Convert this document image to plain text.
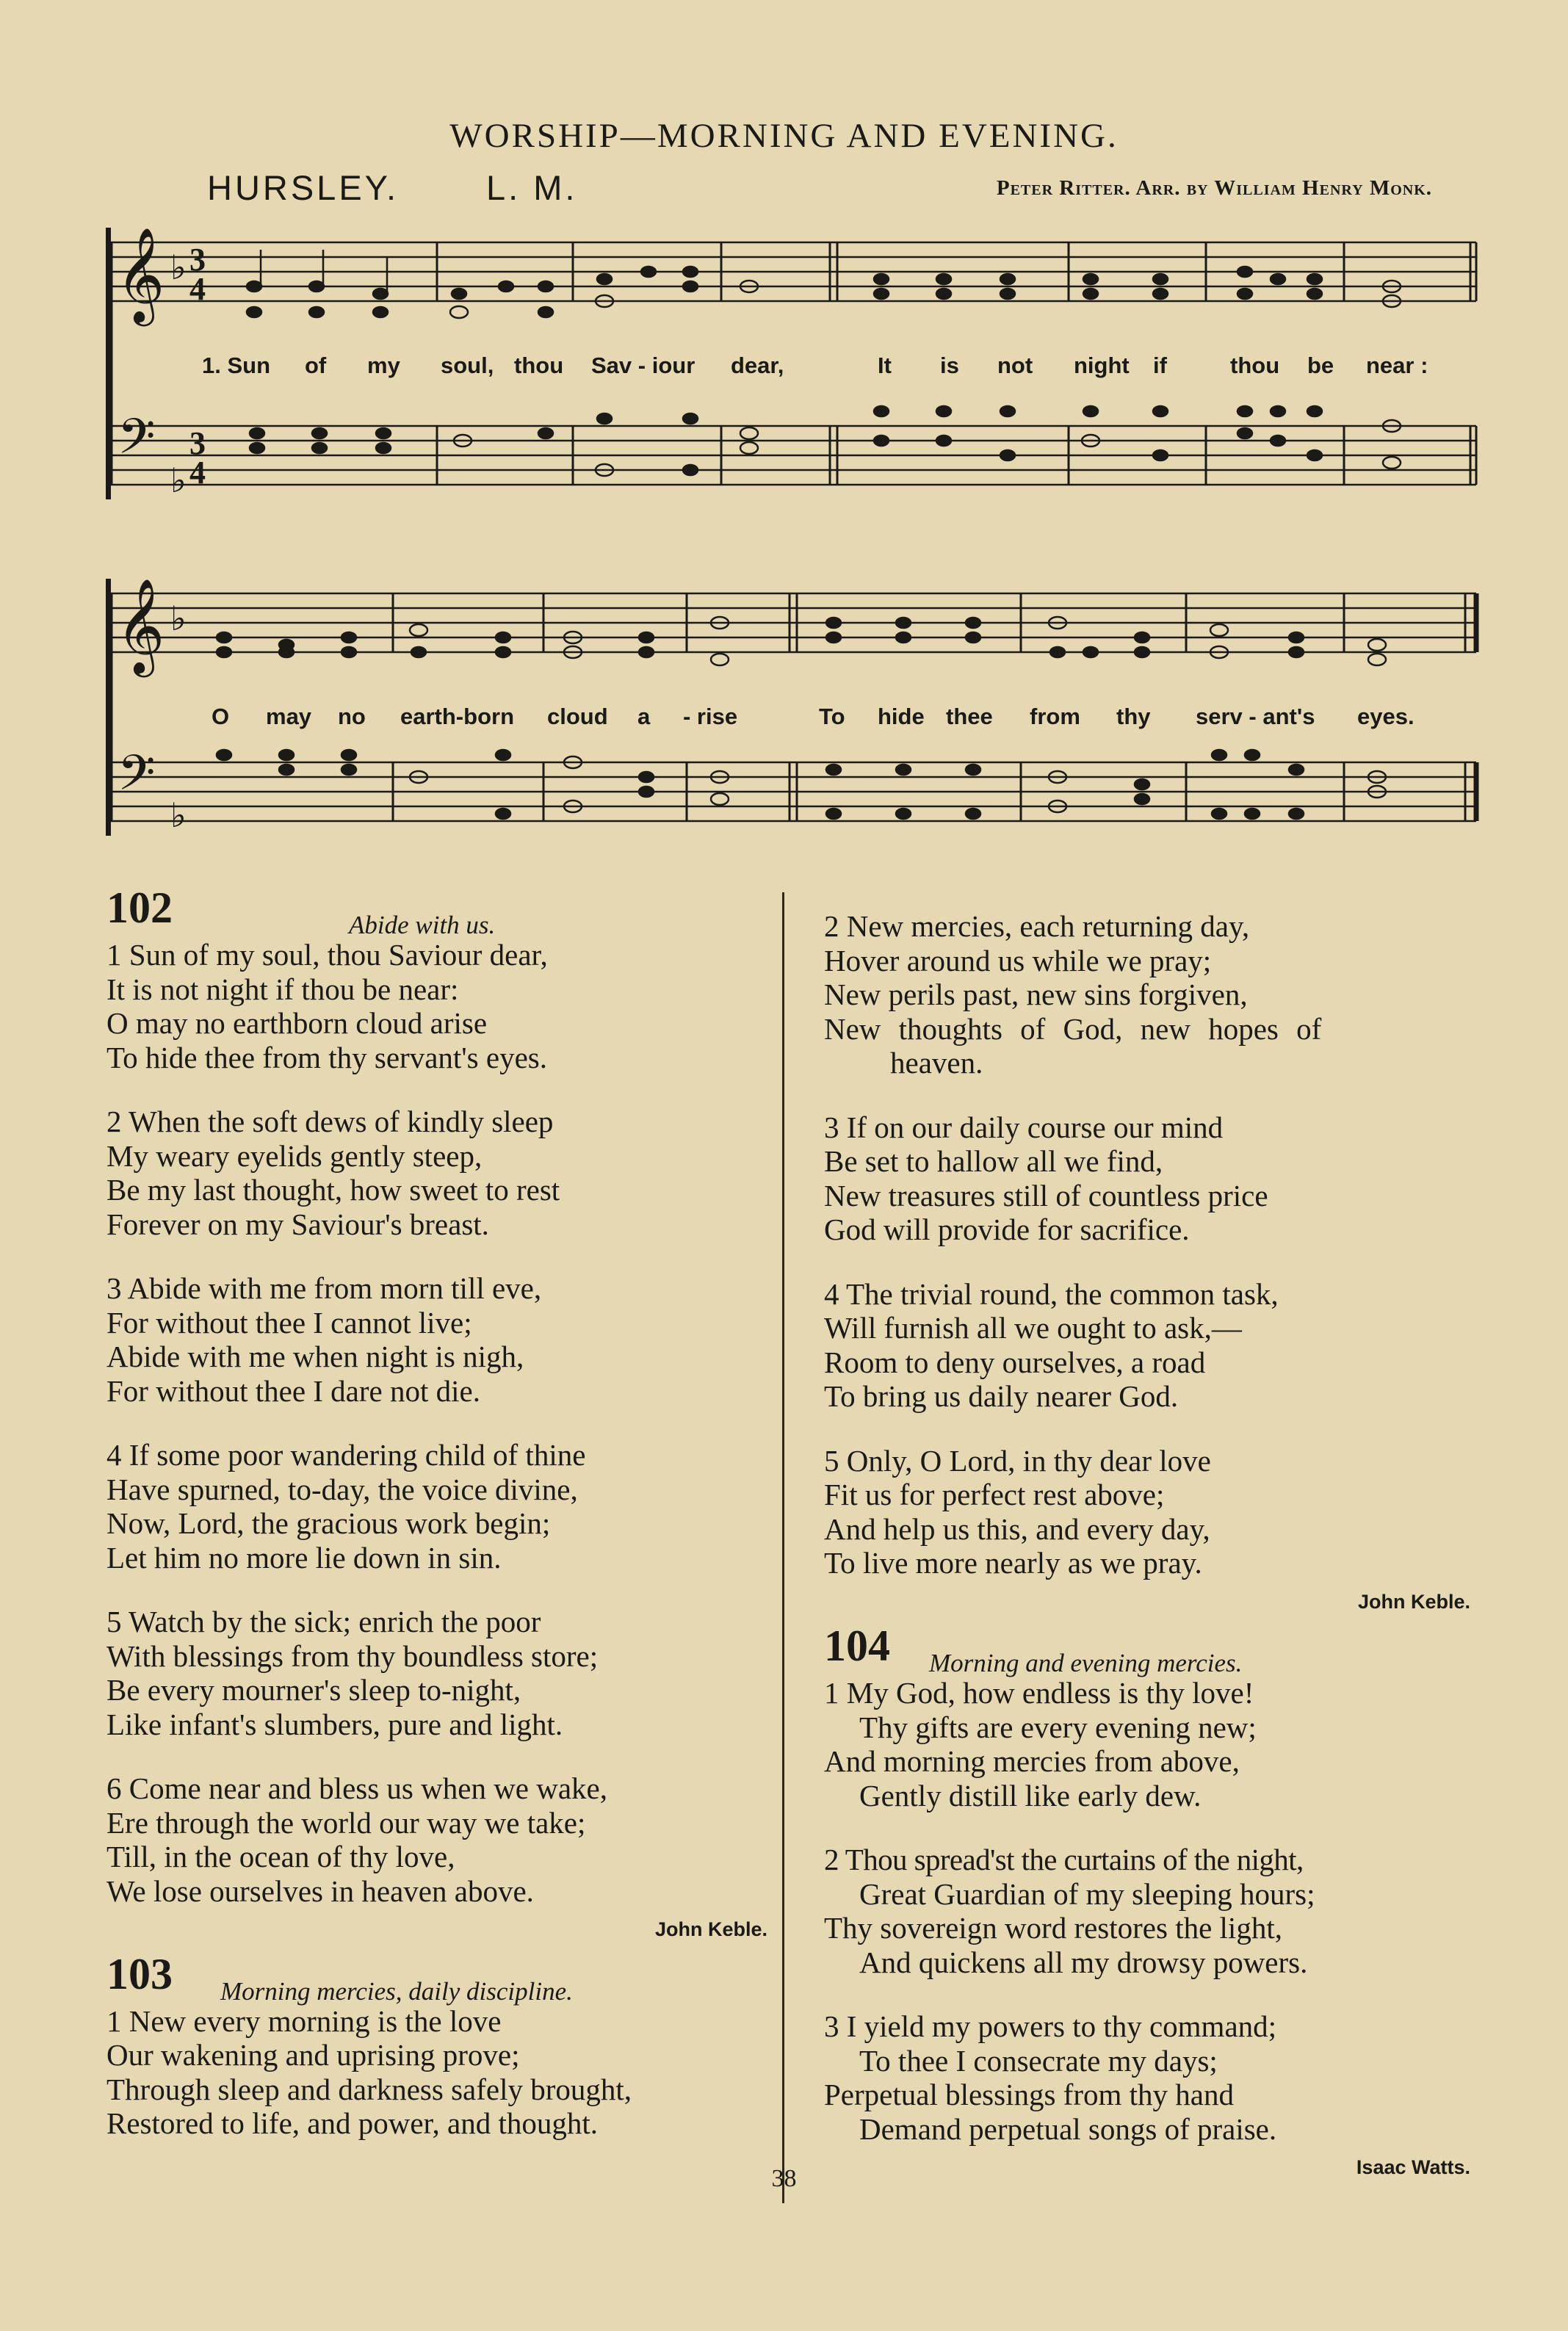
WORSHIP—MORNING AND EVENING.
HURSLEY.	L. M.	Peter Ritter. Arr. by William Henry Monk.
𝄞
𝄢
♭
♭
3
4
3
4
1. Sun of my soul, thou Sav - iour dear,	It is not night if	thou be near :
𝄞
𝄢
♭
♭
O may no earth-born cloud a - rise	To hide thee from thy serv - ant's eyes.
102	Abide with us.
1 Sun of my soul, thou Saviour dear,
It is not night if thou be near:
O may no earthborn cloud arise
To hide thee from thy servant's eyes.
2 When the soft dews of kindly sleep
My weary eyelids gently steep,
Be my last thought, how sweet to rest
Forever on my Saviour's breast.
3 Abide with me from morn till eve,
For without thee I cannot live;
Abide with me when night is nigh,
For without thee I dare not die.
4 If some poor wandering child of thine
Have spurned, to-day, the voice divine,
Now, Lord, the gracious work begin;
Let him no more lie down in sin.
5 Watch by the sick; enrich the poor
With blessings from thy boundless store;
Be every mourner's sleep to-night,
Like infant's slumbers, pure and light.
6 Come near and bless us when we wake,
Ere through the world our way we take;
Till, in the ocean of thy love,
We lose ourselves in heaven above.
John Keble.
103 Morning mercies, daily discipline.
1 New every morning is the love
Our wakening and uprising prove;
Through sleep and darkness safely brought,
Restored to life, and power, and thought.
2 New mercies, each returning day,
Hover around us while we pray;
New perils past, new sins forgiven,
New thoughts of God, new hopes of
heaven.
3 If on our daily course our mind
Be set to hallow all we find,
New treasures still of countless price
God will provide for sacrifice.
4 The trivial round, the common task,
Will furnish all we ought to ask,—
Room to deny ourselves, a road
To bring us daily nearer God.
5 Only, O Lord, in thy dear love
Fit us for perfect rest above;
And help us this, and every day,
To live more nearly as we pray.
John Keble.
104 Morning and evening mercies.
1 My God, how endless is thy love!
Thy gifts are every evening new;
And morning mercies from above,
Gently distill like early dew.
2 Thou spread'st the curtains of the night,
Great Guardian of my sleeping hours;
Thy sovereign word restores the light,
And quickens all my drowsy powers.
3 I yield my powers to thy command;
To thee I consecrate my days;
Perpetual blessings from thy hand
Demand perpetual songs of praise.
Isaac Watts.
38
